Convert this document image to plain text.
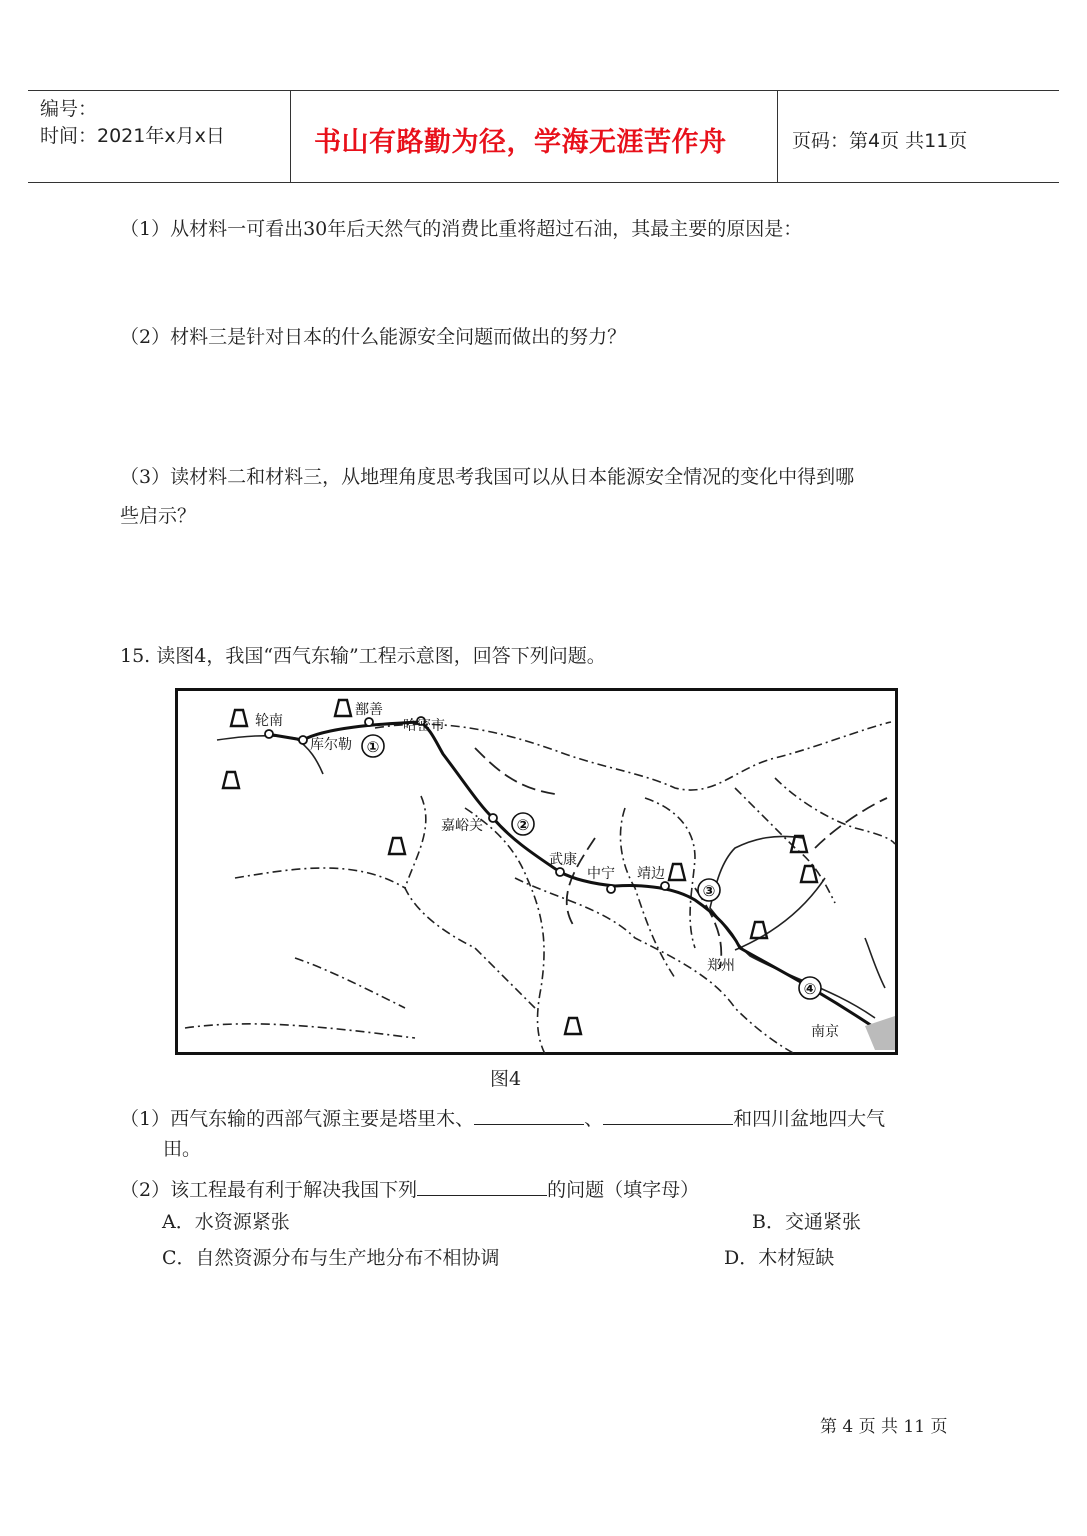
编号：
时间：2021年x月x日	书山有路勤为径，学海无涯苦作舟	页码：第4页 共11页
（1）从材料一可看出30年后天然气的消费比重将超过石油，其最主要的原因是：
（2）材料三是针对日本的什么能源安全问题而做出的努力？
（3）读材料二和材料三，从地理角度思考我国可以从日本能源安全情况的变化中得到哪
些启示？
15. 读图4，我国“西气东输”工程示意图，回答下列问题。
轮南
鄯善
哈密市
库尔勒
嘉峪关
武康
中宁 靖边
郑州
南京
①
②
③
④
图4
（1）西气东输的西部气源主要是塔里木、	、	和四川盆地四大气
田。
（2）该工程最有利于解决我国下列	的问题（填字母）
A．水资源紧张	B．交通紧张
C．自然资源分布与生产地分布不相协调	D．木材短缺
第 4 页 共 11 页
